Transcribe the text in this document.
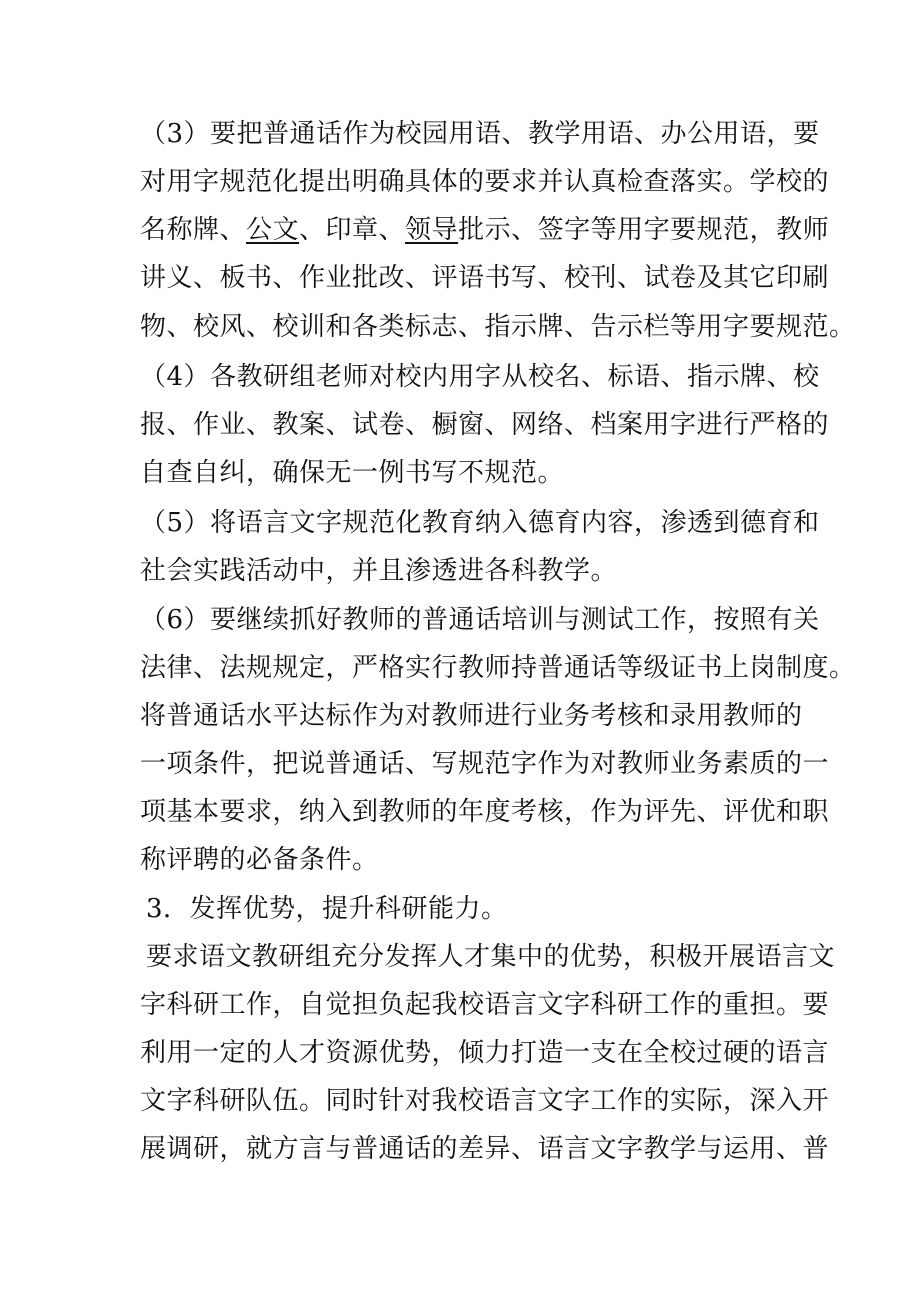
（3）要把普通话作为校园用语、教学用语、办公用语，要
对用字规范化提出明确具体的要求并认真检查落实。学校的
名称牌、公文、印章、领导批示、签字等用字要规范，教师
讲义、板书、作业批改、评语书写、校刊、试卷及其它印刷
物、校风、校训和各类标志、指示牌、告示栏等用字要规范。
（4）各教研组老师对校内用字从校名、标语、指示牌、校
报、作业、教案、试卷、橱窗、网络、档案用字进行严格的
自查自纠，确保无一例书写不规范。
（5）将语言文字规范化教育纳入德育内容，渗透到德育和
社会实践活动中，并且渗透进各科教学。
（6）要继续抓好教师的普通话培训与测试工作，按照有关
法律、法规规定，严格实行教师持普通话等级证书上岗制度。
将普通话水平达标作为对教师进行业务考核和录用教师的
一项条件，把说普通话、写规范字作为对教师业务素质的一
项基本要求，纳入到教师的年度考核，作为评先、评优和职
称评聘的必备条件。
3．发挥优势，提升科研能力。
要求语文教研组充分发挥人才集中的优势，积极开展语言文
字科研工作，自觉担负起我校语言文字科研工作的重担。要
利用一定的人才资源优势，倾力打造一支在全校过硬的语言
文字科研队伍。同时针对我校语言文字工作的实际，深入开
展调研，就方言与普通话的差异、语言文字教学与运用、普
